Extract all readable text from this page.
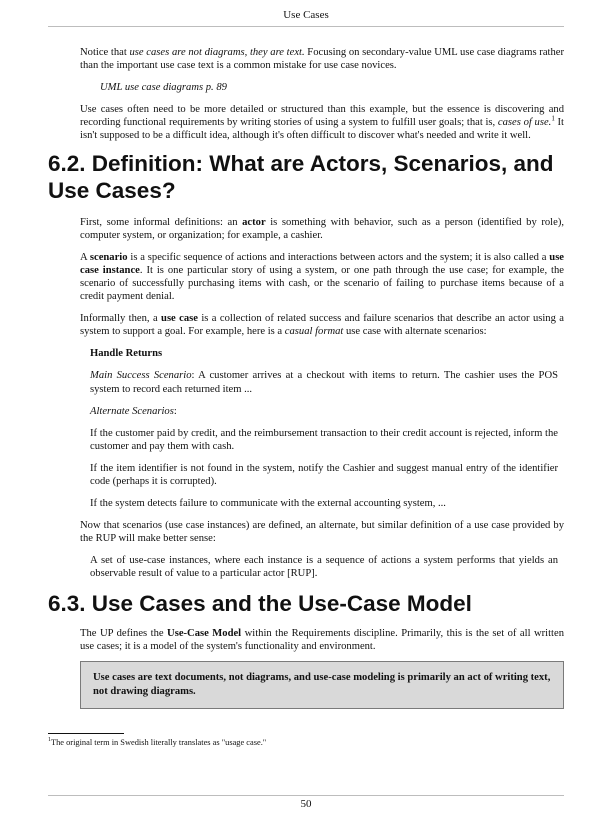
Use Cases

Notice that use cases are not diagrams, they are text. Focusing on secondary-value UML use case diagrams rather than the important use case text is a common mistake for use case novices.

UML use case diagrams p. 89

Use cases often need to be more detailed or structured than this example, but the essence is discovering and recording functional requirements by writing stories of using a system to fulfill user goals; that is, cases of use.$^1$ It isn't supposed to be a difficult idea, although it's often difficult to discover what's needed and write it well.

6.2. Definition: What are Actors, Scenarios, and Use Cases?

First, some informal definitions: an actor is something with behavior, such as a person (identified by role), computer system, or organization; for example, a cashier.

A scenario is a specific sequence of actions and interactions between actors and the system; it is also called a use case instance. It is one particular story of using a system, or one path through the use case; for example, the scenario of successfully purchasing items with cash, or the scenario of failing to purchase items because of a credit payment denial.

Informally then, a use case is a collection of related success and failure scenarios that describe an actor using a system to support a goal. For example, here is a casual format use case with alternate scenarios:

Handle Returns

Main Success Scenario: A customer arrives at a checkout with items to return. The cashier uses the POS system to record each returned item ...

Alternate Scenarios:

If the customer paid by credit, and the reimbursement transaction to their credit account is rejected, inform the customer and pay them with cash.

If the item identifier is not found in the system, notify the Cashier and suggest manual entry of the identifier code (perhaps it is corrupted).

If the system detects failure to communicate with the external accounting system, ...

Now that scenarios (use case instances) are defined, an alternate, but similar definition of a use case provided by the RUP will make better sense:

A set of use-case instances, where each instance is a sequence of actions a system performs that yields an observable result of value to a particular actor [RUP].

6.3. Use Cases and the Use-Case Model

The UP defines the Use-Case Model within the Requirements discipline. Primarily, this is the set of all written use cases; it is a model of the system's functionality and environment.

Use cases are text documents, not diagrams, and use-case modeling is primarily an act of writing text, not drawing diagrams.

$^1$The original term in Swedish literally translates as "usage case."
50
